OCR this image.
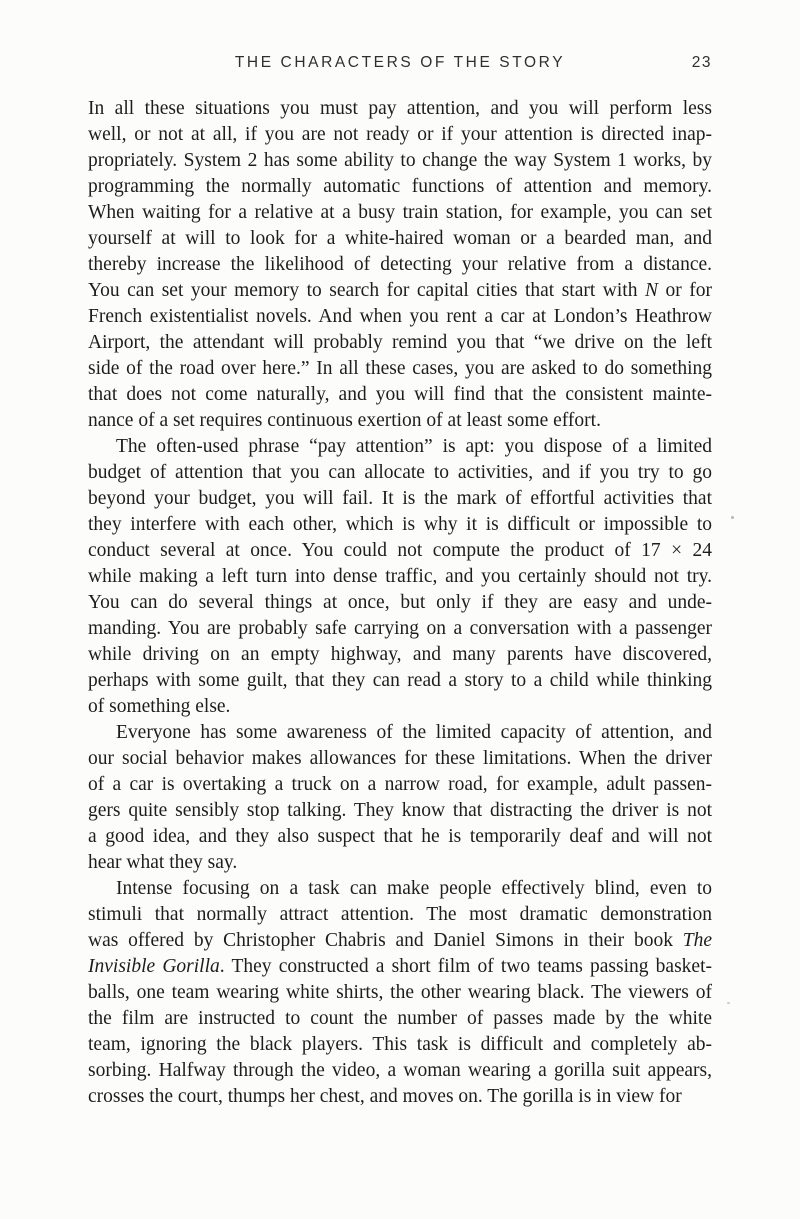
THE CHARACTERS OF THE STORY	23
In all these situations you must pay attention, and you will perform less
well, or not at all, if you are not ready or if your attention is directed inap-
propriately. System 2 has some ability to change the way System 1 works, by
programming the normally automatic functions of attention and memory.
When waiting for a relative at a busy train station, for example, you can set
yourself at will to look for a white-haired woman or a bearded man, and
thereby increase the likelihood of detecting your relative from a distance.
You can set your memory to search for capital cities that start with N or for
French existentialist novels. And when you rent a car at London’s Heathrow
Airport, the attendant will probably remind you that “we drive on the left
side of the road over here.” In all these cases, you are asked to do something
that does not come naturally, and you will find that the consistent mainte-
nance of a set requires continuous exertion of at least some effort.
The often-used phrase “pay attention” is apt: you dispose of a limited
budget of attention that you can allocate to activities, and if you try to go
beyond your budget, you will fail. It is the mark of effortful activities that
they interfere with each other, which is why it is difficult or impossible to
conduct several at once. You could not compute the product of 17 × 24
while making a left turn into dense traffic, and you certainly should not try.
You can do several things at once, but only if they are easy and unde-
manding. You are probably safe carrying on a conversation with a passenger
while driving on an empty highway, and many parents have discovered,
perhaps with some guilt, that they can read a story to a child while thinking
of something else.
Everyone has some awareness of the limited capacity of attention, and
our social behavior makes allowances for these limitations. When the driver
of a car is overtaking a truck on a narrow road, for example, adult passen-
gers quite sensibly stop talking. They know that distracting the driver is not
a good idea, and they also suspect that he is temporarily deaf and will not
hear what they say.
Intense focusing on a task can make people effectively blind, even to
stimuli that normally attract attention. The most dramatic demonstration
was offered by Christopher Chabris and Daniel Simons in their book The
Invisible Gorilla. They constructed a short film of two teams passing basket-
balls, one team wearing white shirts, the other wearing black. The viewers of
the film are instructed to count the number of passes made by the white
team, ignoring the black players. This task is difficult and completely ab-
sorbing. Halfway through the video, a woman wearing a gorilla suit appears,
crosses the court, thumps her chest, and moves on. The gorilla is in view for
